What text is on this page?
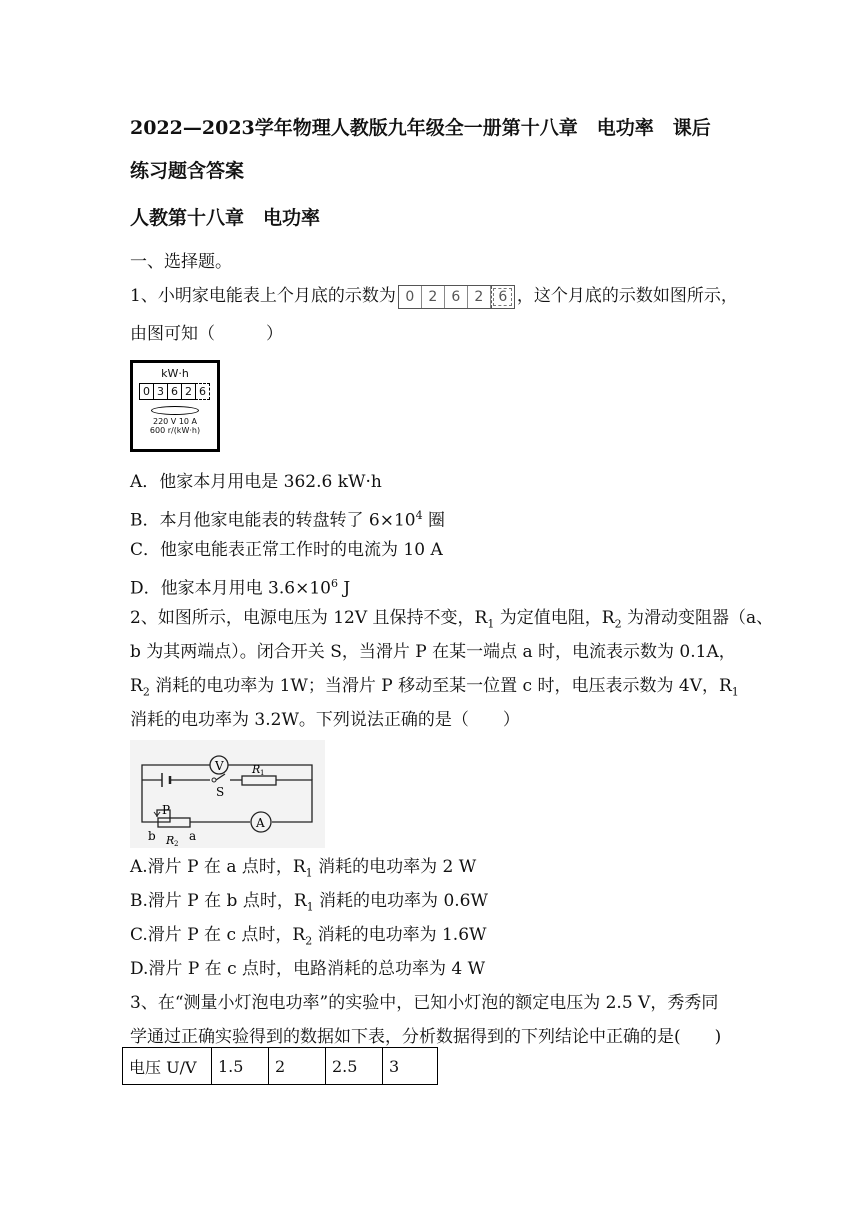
2022—2023学年物理人教版九年级全一册第十八章　电功率　课后
练习题含答案
人教第十八章　电功率
一、选择题。
1、小明家电能表上个月底的示数为 0	2	6	2	6 ，这个月底的示数如图所示，
由图可知（　　　）
kW·h
0 3 6 2 6
220 V 10 A
600 r/(kW·h)
A．他家本月用电是 362.6 kW·h
B．本月他家电能表的转盘转了 $6\times 10^4$ 圈
C．他家电能表正常工作时的电流为 10 A
D．他家本月用电 $3.6\times 10^6$ J
2、如图所示，电源电压为 12V 且保持不变，$R_1$ 为定值电阻，$R_2$ 为滑动变阻器（a、
b 为其两端点）。闭合开关 S，当滑片 P 在某一端点 a 时，电流表示数为 0.1A，
$R_2$ 消耗的电功率为 1W；当滑片 P 移动至某一位置 c 时，电压表示数为 4V，$R_1$
消耗的电功率为 3.2W。下列说法正确的是（　　）
V
A
S
R 1
R 2
P
a
b
A.滑片 P 在 a 点时，$R_1$ 消耗的电功率为 2 W
B.滑片 P 在 b 点时，$R_1$ 消耗的电功率为 0.6W
C.滑片 P 在 c 点时，$R_2$ 消耗的电功率为 1.6W
D.滑片 P 在 c 点时，电路消耗的总功率为 4 W
3、在“测量小灯泡电功率”的实验中，已知小灯泡的额定电压为 2.5 V，秀秀同
学通过正确实验得到的数据如下表，分析数据得到的下列结论中正确的是(　　)
电压 U/V	1.5	2	2.5	3
